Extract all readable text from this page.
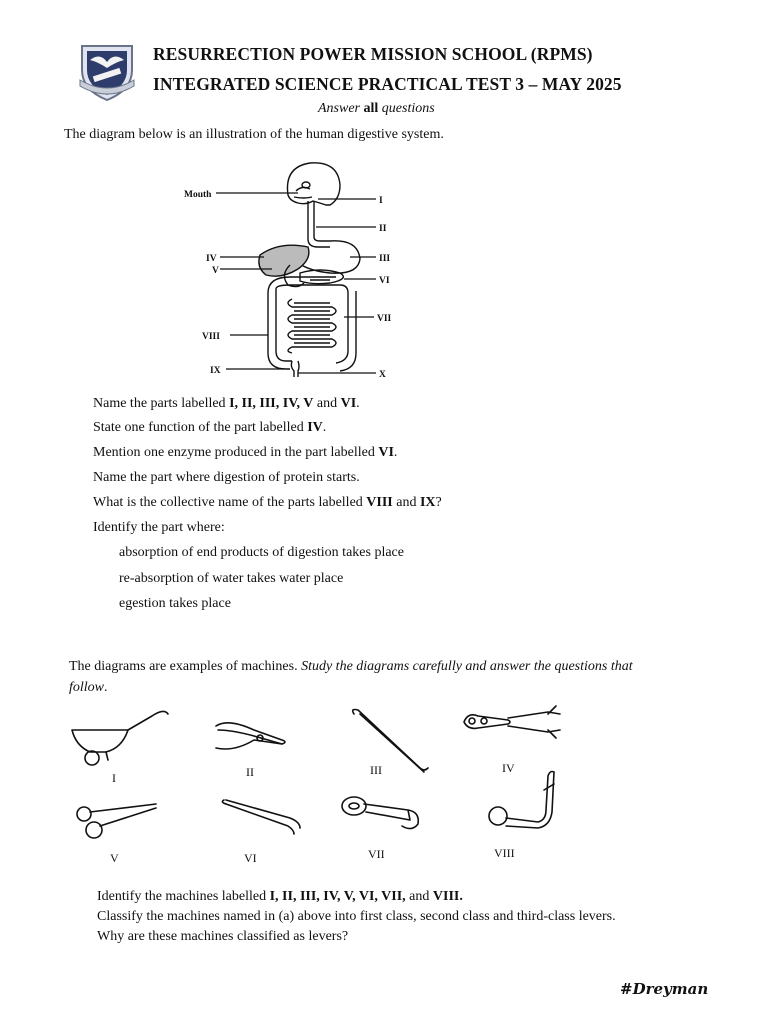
RESURRECTION POWER MISSION SCHOOL (RPMS)
INTEGRATED SCIENCE PRACTICAL TEST 3 – MAY 2025
Answer all questions
The diagram below is an illustration of the human digestive system.
Mouth
I
II
III
IV
V
VI
VII
VIII
IX	X
Name the parts labelled I, II, III, IV, V and VI.
State one function of the part labelled IV.
Mention one enzyme produced in the part labelled VI.
Name the part where digestion of protein starts.
What is the collective name of the parts labelled VIII and IX?
Identify the part where:
absorption of end products of digestion takes place
re-absorption of water takes water place
egestion takes place
The diagrams are examples of machines. Study the diagrams carefully and answer the questions that
follow.
I	II	III	IV
V	VI	VII	VIII
Identify the machines labelled I, II, III, IV, V, VI, VII, and VIII.
Classify the machines named in (a) above into first class, second class and third-class levers.
Why are these machines classified as levers?
#Dreyman
